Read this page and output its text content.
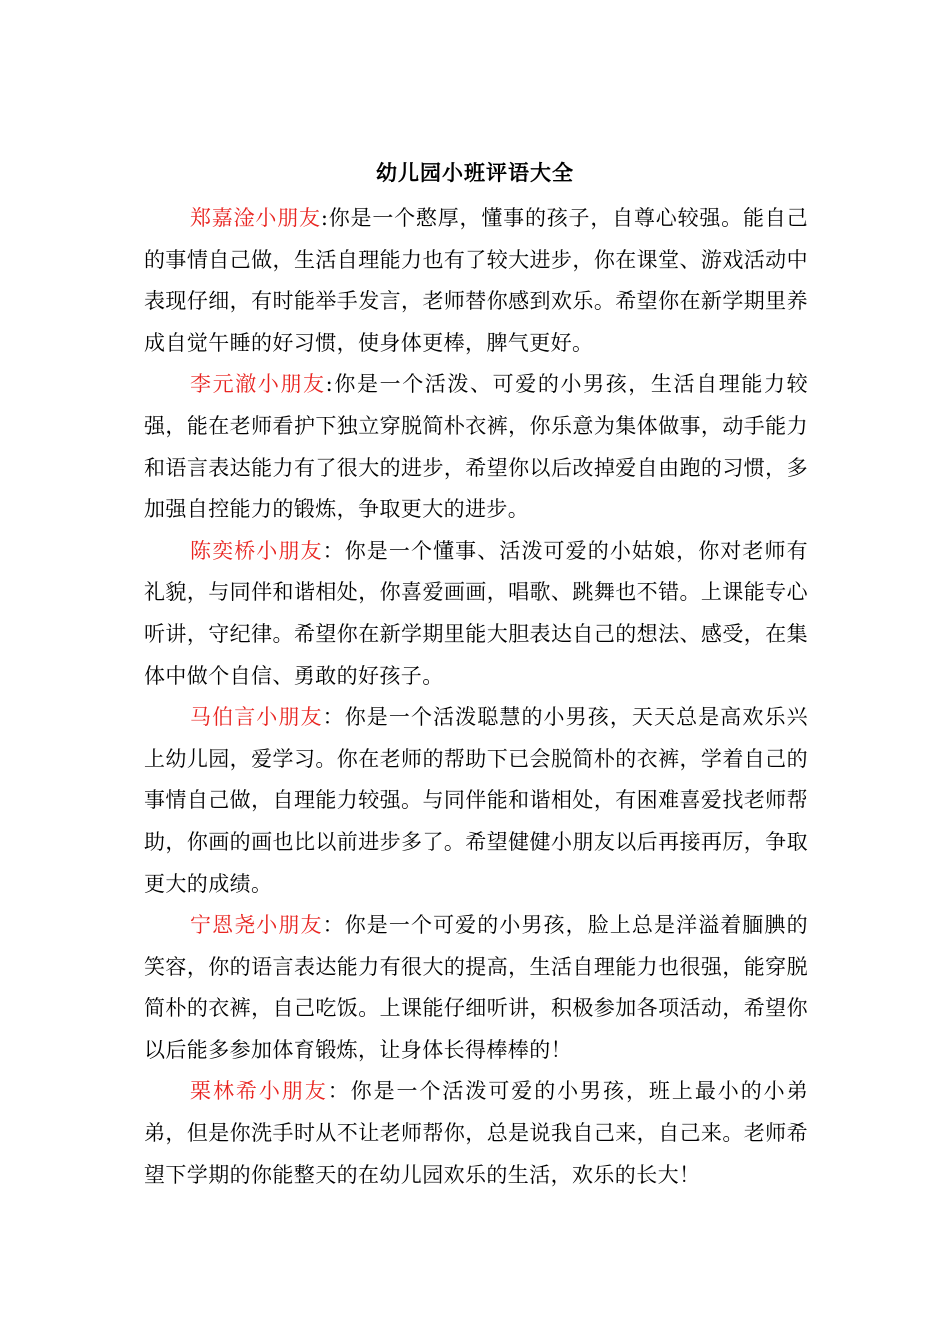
幼儿园小班评语大全

郑嘉淦小朋友:你是一个憨厚，懂事的孩子，自尊心较强。能自己的事情自己做，生活自理能力也有了较大进步，你在课堂、游戏活动中表现仔细，有时能举手发言，老师替你感到欢乐。希望你在新学期里养成自觉午睡的好习惯，使身体更棒，脾气更好。

李元澈小朋友:你是一个活泼、可爱的小男孩，生活自理能力较强，能在老师看护下独立穿脱简朴衣裤，你乐意为集体做事，动手能力和语言表达能力有了很大的进步，希望你以后改掉爱自由跑的习惯，多加强自控能力的锻炼，争取更大的进步。

陈奕桥小朋友：你是一个懂事、活泼可爱的小姑娘，你对老师有礼貌，与同伴和谐相处，你喜爱画画，唱歌、跳舞也不错。上课能专心听讲，守纪律。希望你在新学期里能大胆表达自己的想法、感受，在集体中做个自信、勇敢的好孩子。

马伯言小朋友：你是一个活泼聪慧的小男孩，天天总是高欢乐兴上幼儿园，爱学习。你在老师的帮助下已会脱简朴的衣裤，学着自己的事情自己做，自理能力较强。与同伴能和谐相处，有困难喜爱找老师帮助，你画的画也比以前进步多了。希望健健小朋友以后再接再厉，争取更大的成绩。

宁恩尧小朋友：你是一个可爱的小男孩，脸上总是洋溢着腼腆的笑容，你的语言表达能力有很大的提高，生活自理能力也很强，能穿脱简朴的衣裤，自己吃饭。上课能仔细听讲，积极参加各项活动，希望你以后能多参加体育锻炼，让身体长得棒棒的！

栗林希小朋友：你是一个活泼可爱的小男孩，班上最小的小弟弟，但是你洗手时从不让老师帮你，总是说我自己来，自己来。老师希望下学期的你能整天的在幼儿园欢乐的生活，欢乐的长大！
